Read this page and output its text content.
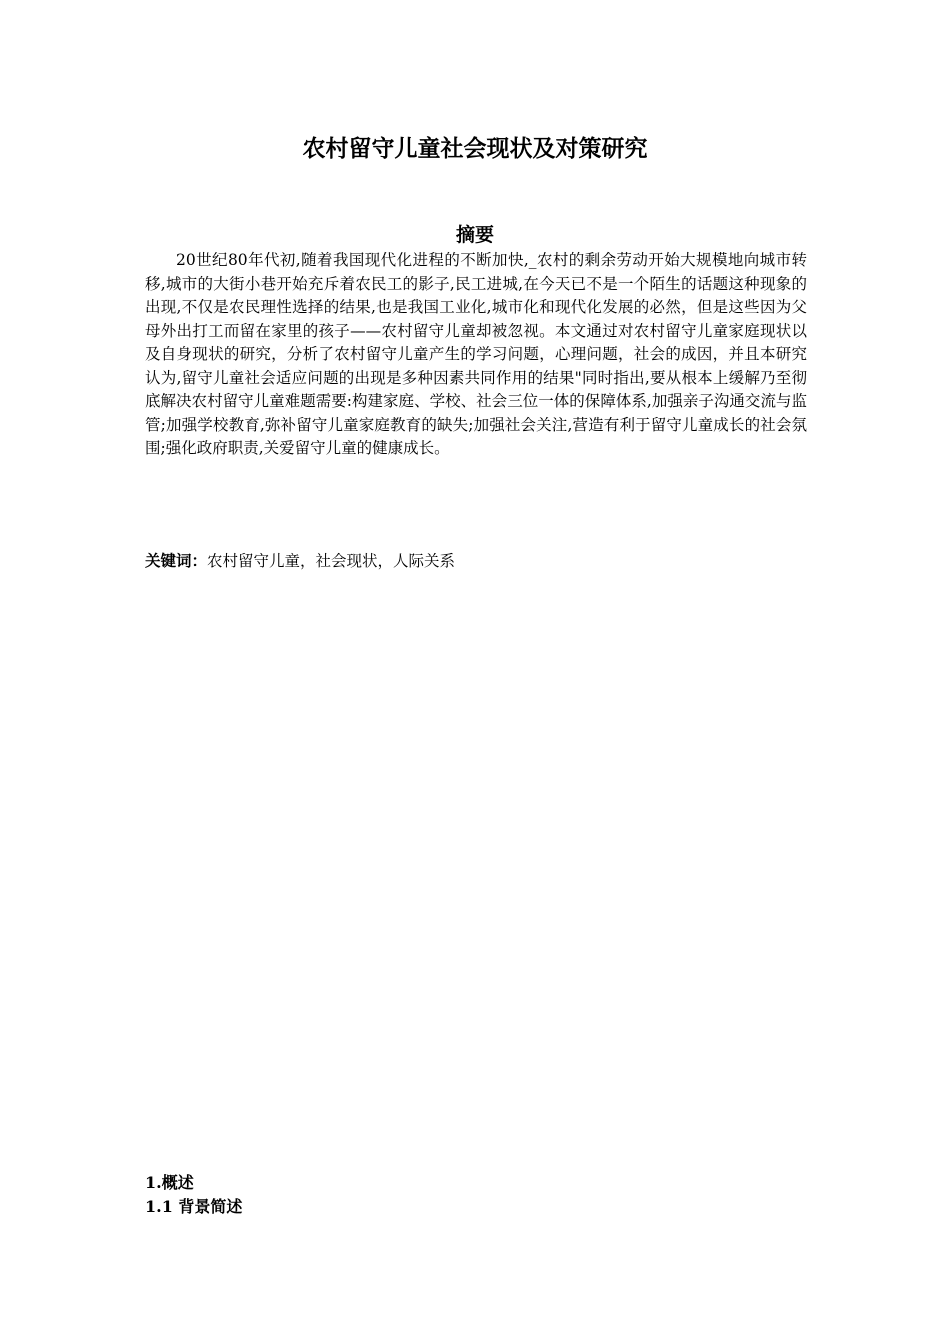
农村留守儿童社会现状及对策研究
摘要

20世纪80年代初,随着我国现代化进程的不断加快,_农村的剩余劳动开始大规模地向城市转移,城市的大街小巷开始充斥着农民工的影子,民工进城,在今天已不是一个陌生的话题这种现象的出现,不仅是农民理性选择的结果,也是我国工业化,城市化和现代化发展的必然，但是这些因为父母外出打工而留在家里的孩子——农村留守儿童却被忽视。本文通过对农村留守儿童家庭现状以及自身现状的研究，分析了农村留守儿童产生的学习问题，心理问题，社会的成因，并且本研究认为,留守儿童社会适应问题的出现是多种因素共同作用的结果"同时指出,要从根本上缓解乃至彻底解决农村留守儿童难题需要:构建家庭、学校、社会三位一体的保障体系,加强亲子沟通交流与监管;加强学校教育,弥补留守儿童家庭教育的缺失;加强社会关注,营造有利于留守儿童成长的社会氛围;强化政府职责,关爱留守儿童的健康成长。

关键词：农村留守儿童，社会现状，人际关系

1.概述
1.1 背景简述
